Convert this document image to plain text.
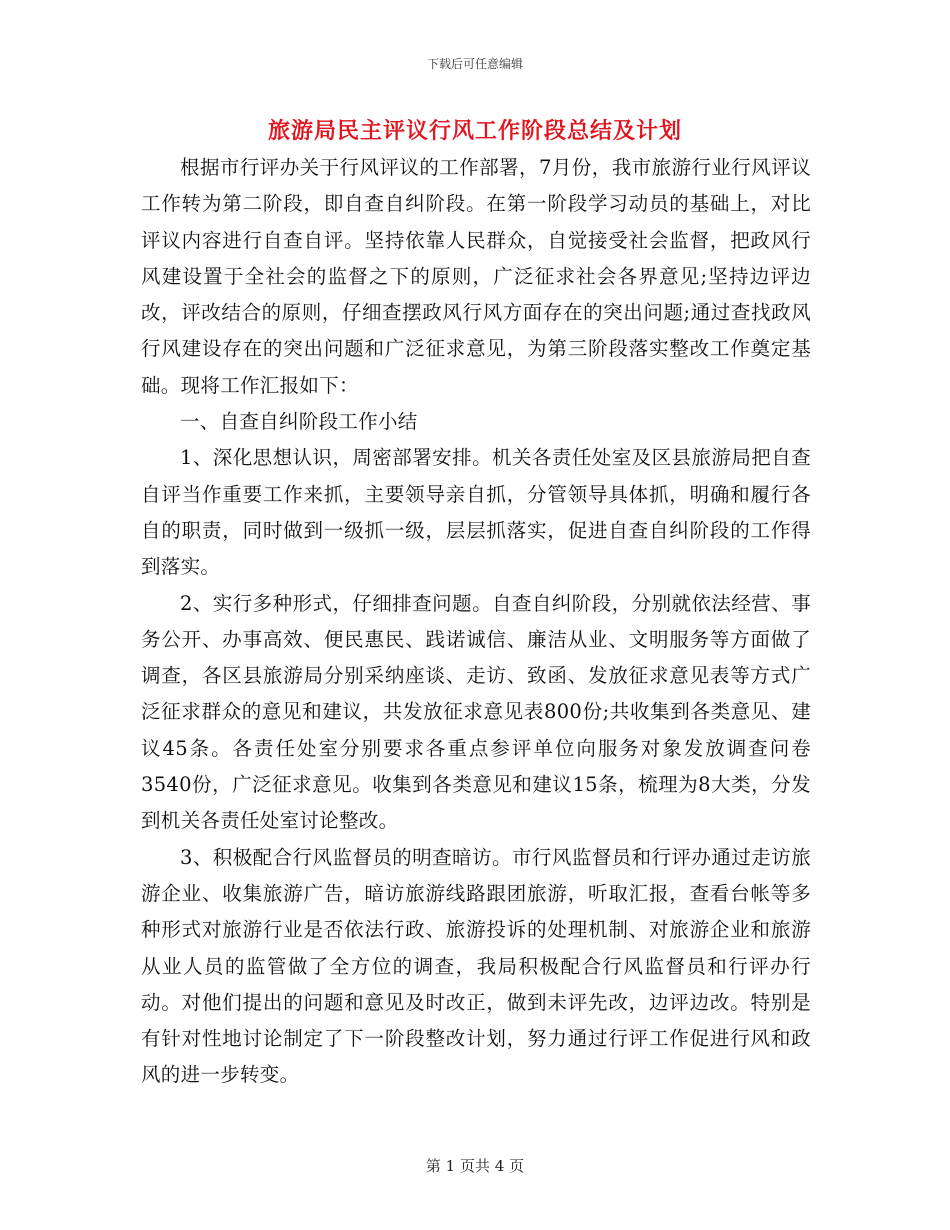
下载后可任意编辑
旅游局民主评议行风工作阶段总结及计划

根据市行评办关于行风评议的工作部署，7月份，我市旅游行业行风评议工作转为第二阶段，即自查自纠阶段。在第一阶段学习动员的基础上，对比评议内容进行自查自评。坚持依靠人民群众，自觉接受社会监督，把政风行风建设置于全社会的监督之下的原则，广泛征求社会各界意见;坚持边评边改，评改结合的原则，仔细查摆政风行风方面存在的突出问题;通过查找政风行风建设存在的突出问题和广泛征求意见，为第三阶段落实整改工作奠定基础。现将工作汇报如下：

一、自查自纠阶段工作小结

1、深化思想认识，周密部署安排。机关各责任处室及区县旅游局把自查自评当作重要工作来抓，主要领导亲自抓，分管领导具体抓，明确和履行各自的职责，同时做到一级抓一级，层层抓落实，促进自查自纠阶段的工作得到落实。

2、实行多种形式，仔细排查问题。自查自纠阶段，分别就依法经营、事务公开、办事高效、便民惠民、践诺诚信、廉洁从业、文明服务等方面做了调查，各区县旅游局分别采纳座谈、走访、致函、发放征求意见表等方式广泛征求群众的意见和建议，共发放征求意见表800份;共收集到各类意见、建议45条。各责任处室分别要求各重点参评单位向服务对象发放调查问卷3540份，广泛征求意见。收集到各类意见和建议15条，梳理为8大类，分发到机关各责任处室讨论整改。

3、积极配合行风监督员的明查暗访。市行风监督员和行评办通过走访旅游企业、收集旅游广告，暗访旅游线路跟团旅游，听取汇报，查看台帐等多种形式对旅游行业是否依法行政、旅游投诉的处理机制、对旅游企业和旅游从业人员的监管做了全方位的调查，我局积极配合行风监督员和行评办行动。对他们提出的问题和意见及时改正，做到未评先改，边评边改。特别是有针对性地讨论制定了下一阶段整改计划，努力通过行评工作促进行风和政风的进一步转变。

第 1 页共 4 页
